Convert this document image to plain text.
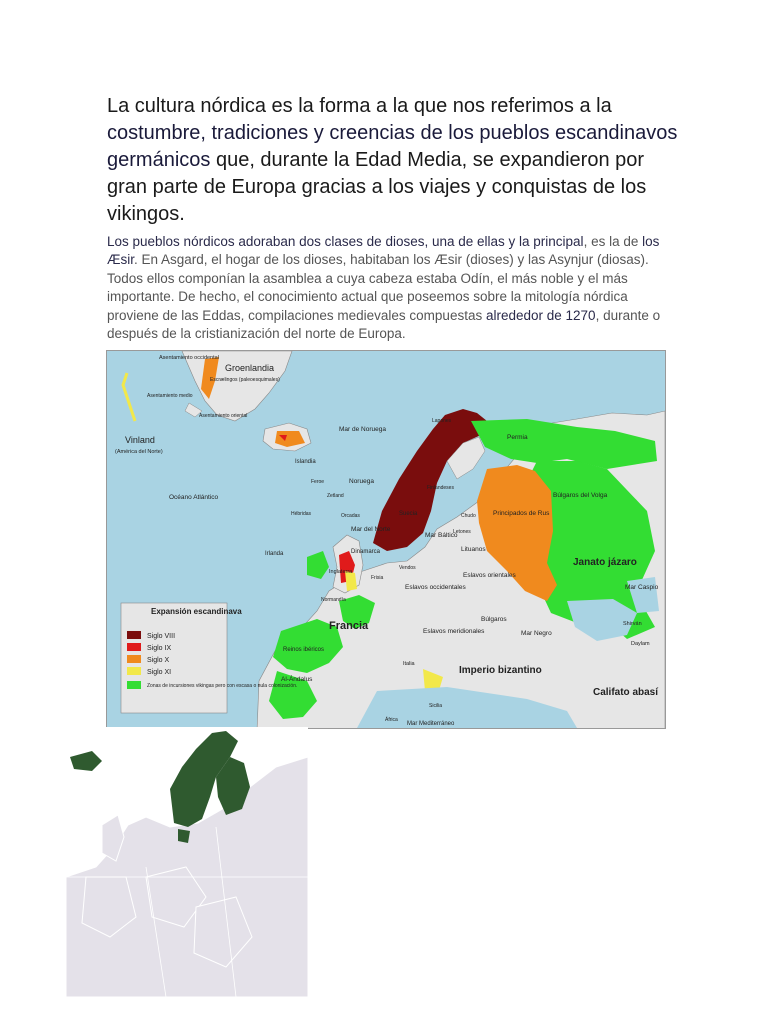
La cultura nórdica es la forma a la que nos referimos a la costumbre, tradiciones y creencias de los pueblos escandinavos germánicos que, durante la Edad Media, se expandieron por gran parte de Europa gracias a los viajes y conquistas de los vikingos.

Los pueblos nórdicos adoraban dos clases de dioses, una de ellas y la principal, es la de los Æsir. En Asgard, el hogar de los dioses, habitaban los Æsir (dioses) y las Asynjur (diosas). Todos ellos componían la asamblea a cuya cabeza estaba Odín, el más noble y el más importante. De hecho, el conocimiento actual que poseemos sobre la mitología nórdica proviene de las Eddas, compilaciones medievales compuestas alrededor de 1270, durante o después de la cristianización del norte de Europa.

Asentamiento occidental
Groenlandia
Escrælingos (paleoesquimales)
Asentamiento medio
Asentamiento oriental
Vinland
(América del Norte)
Mar de Noruega
Lapones
Permia
Islandia
Feroe	Noruega
Zetland
Orcadas
Hébridas
Finlandeses
Océano Atlántico
Suecia	Chudo
Búlgaros del Volga
Principados de Rus
Mar del Norte
Dinamarca
Mar Báltico
Letones
Lituanos
Irlanda
Inglaterra
Vendos
Frisia
Janato jázaro
Eslavos orientales
Eslavos occidentales	Mar Caspio
Normandía
Búlgaros
Francia
Mar Negro
Shirván
Eslavos meridionales
Daylam
Reinos ibéricos
Italia
Imperio bizantino
Al-Ándalus
Califato abasí
África
Sicilia
Mar Mediterráneo
Expansión escandinava
Siglo VIII
Siglo IX
Siglo X
Siglo XI
Zonas de incursiones vikingas pero con escasa o nula colonización.
